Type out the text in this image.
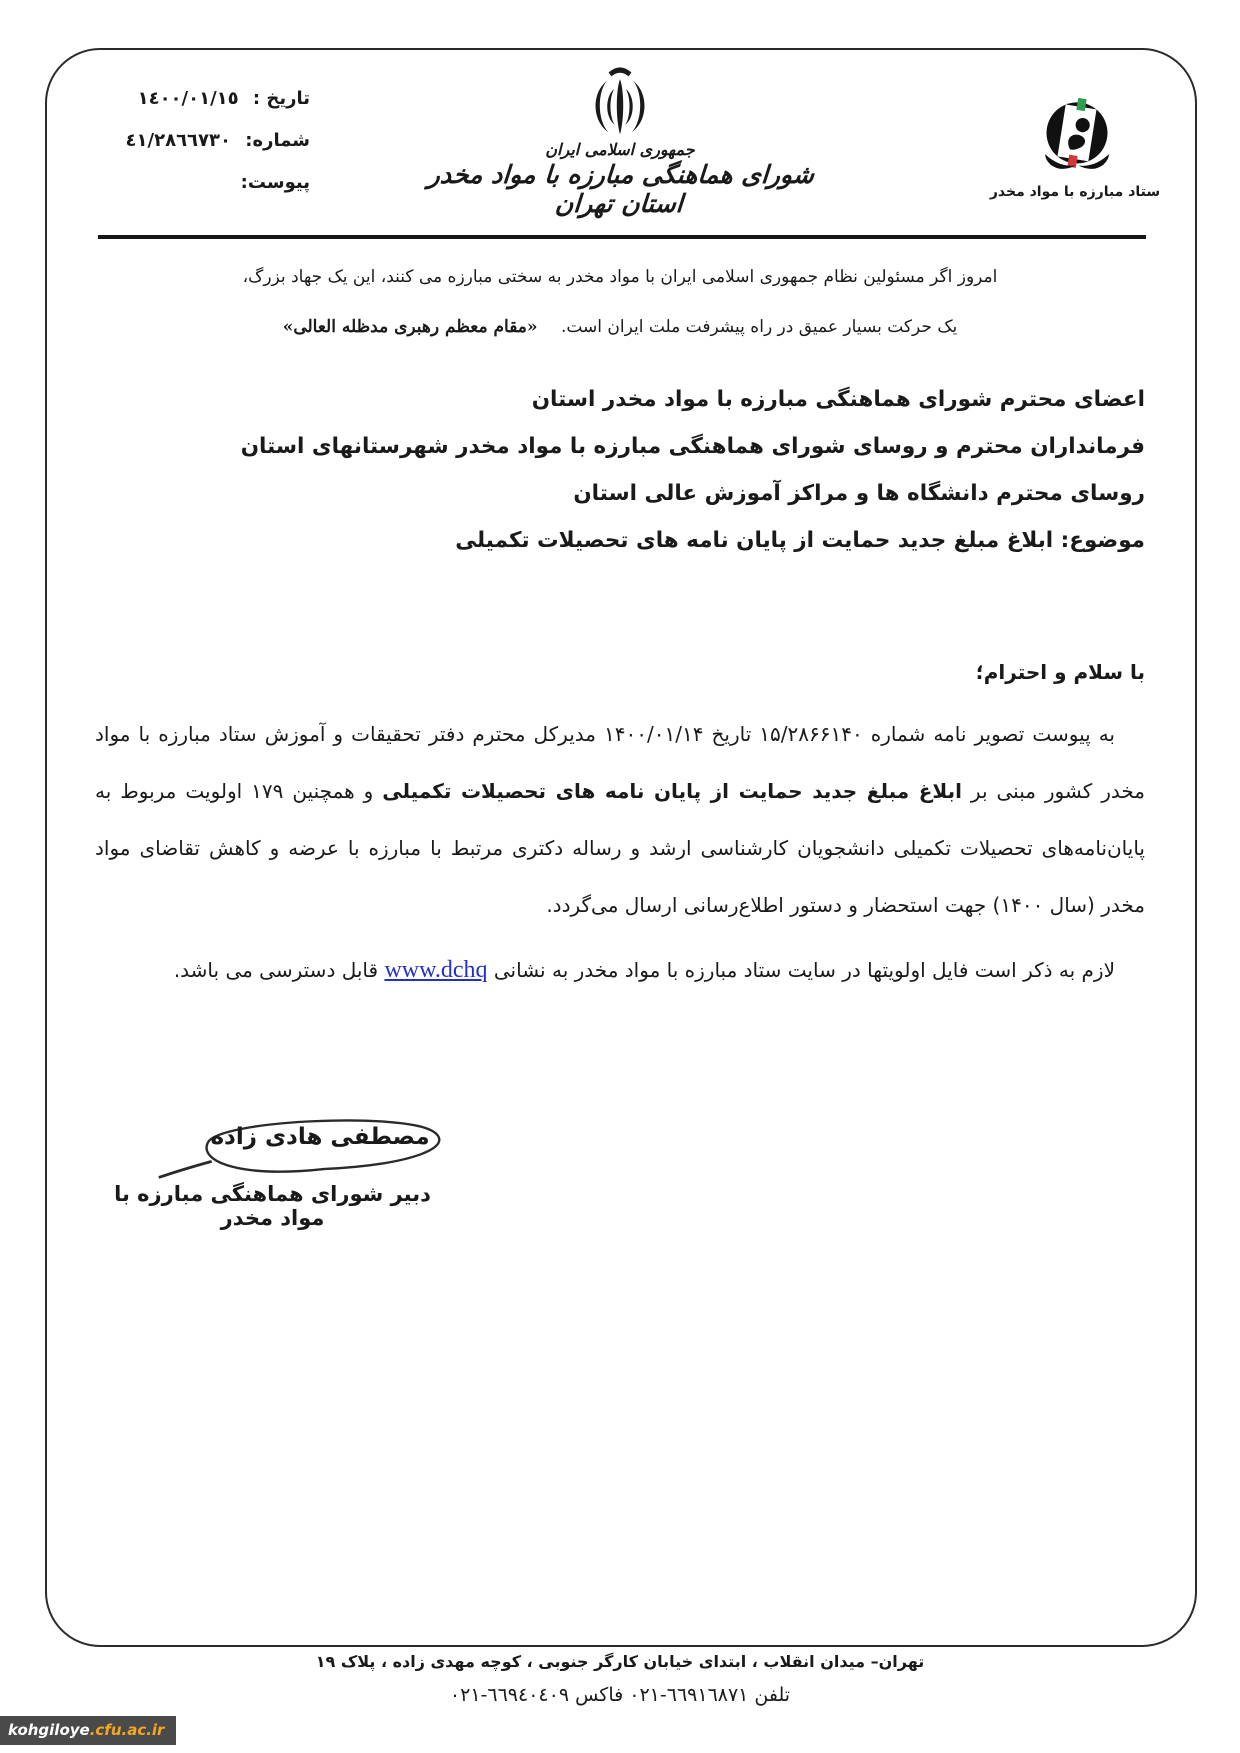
تاریخ : ١٤٠٠/٠١/١٥
شماره: ٤١/٢٨٦٦٧٣٠
پیوست:
جمهوری اسلامی ایران
شورای هماهنگی مبارزه با مواد مخدر استان تهران	ستاد مبارزه با مواد مخدر
امروز اگر مسئولین نظام جمهوری اسلامی ایران با مواد مخدر به سختی مبارزه می کنند، این یک جهاد بزرگ،
یک حرکت بسیار عمیق در راه پیشرفت ملت ایران است. «مقام معظم رهبری مدظله العالی»
اعضای محترم شورای هماهنگی مبارزه با مواد مخدر استان
فرمانداران محترم و روسای شورای هماهنگی مبارزه با مواد مخدر شهرستانهای استان
روسای محترم دانشگاه ها و مراکز آموزش عالی استان
موضوع: ابلاغ مبلغ جدید حمایت از پایان نامه های تحصیلات تکمیلی
با سلام و احترام؛

به پیوست تصویر نامه شماره ۱۵/۲۸۶۶۱۴۰ تاریخ ۱۴۰۰/۰۱/۱۴ مدیرکل محترم دفتر تحقیقات و آموزش ستاد مبارزه با مواد مخدر کشور مبنی بر ابلاغ مبلغ جدید حمایت از پایان نامه های تحصیلات تکمیلی و همچنین ۱۷۹ اولویت مربوط به پایان‌نامه‌های تحصیلات تکمیلی دانشجویان کارشناسی ارشد و رساله دکتری مرتبط با مبارزه با عرضه و کاهش تقاضای مواد مخدر (سال ۱۴۰۰) جهت استحضار و دستور اطلاع‌رسانی ارسال می‌گردد.

لازم به ذکر است فایل اولویتها در سایت ستاد مبارزه با مواد مخدر به نشانی www.dchq قابل دسترسی می باشد.

مصطفی هادی زاده
دبیر شورای هماهنگی مبارزه با مواد مخدر
تهران– میدان انقلاب ، ابتدای خیابان کارگر جنوبی ، کوچه مهدی زاده ، پلاک ۱۹
تلفن ٦٦٩١٦٨٧١-٠٢١ فاکس ٦٦٩٤٠٤٠٩-٠٢١
kohgiloye.cfu.ac.ir
